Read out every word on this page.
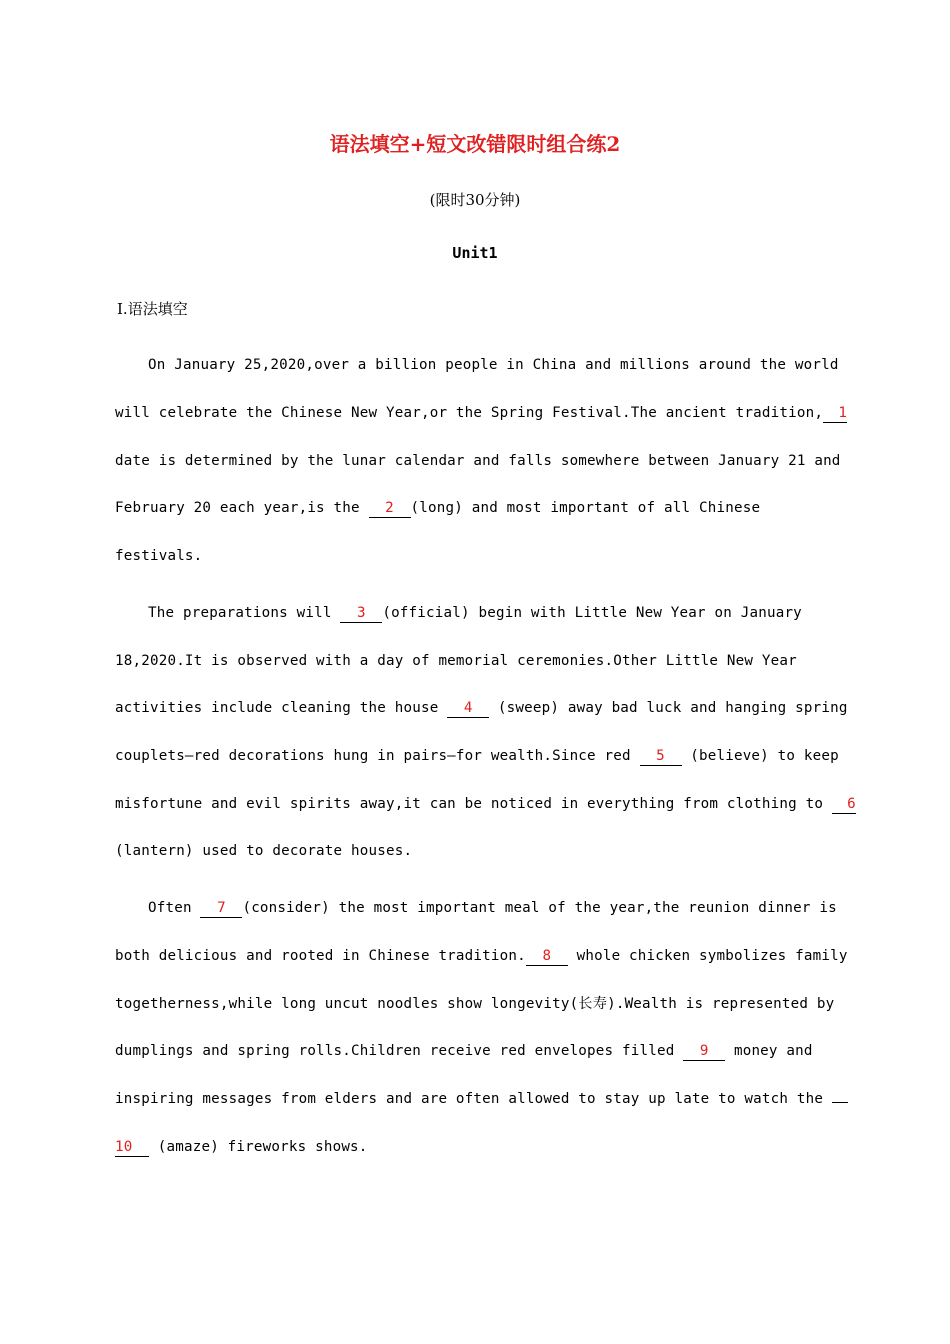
语法填空+短文改错限时组合练2
(限时30分钟)
Unit1
Ⅰ.语法填空
On January 25,2020,over a billion people in China and millions around the world
will celebrate the Chinese New Year,or the Spring Festival.The ancient tradition, 1
date is determined by the lunar calendar and falls somewhere between January 21 and
February 20 each year,is the 2 (long) and most important of all Chinese
festivals.
The preparations will 3 (official) begin with Little New Year on January
18,2020.It is observed with a day of memorial ceremonies.Other Little New Year
activities include cleaning the house 4 (sweep) away bad luck and hanging spring
couplets—red decorations hung in pairs—for wealth.Since red 5 (believe) to keep
misfortune and evil spirits away,it can be noticed in everything from clothing to 6
(lantern) used to decorate houses.
Often 7 (consider) the most important meal of the year,the reunion dinner is
both delicious and rooted in Chinese tradition. 8 whole chicken symbolizes family
togetherness,while long uncut noodles show longevity(长寿).Wealth is represented by
dumplings and spring rolls.Children receive red envelopes filled 9 money and
inspiring messages from elders and are often allowed to stay up late to watch the
10 (amaze) fireworks shows.
